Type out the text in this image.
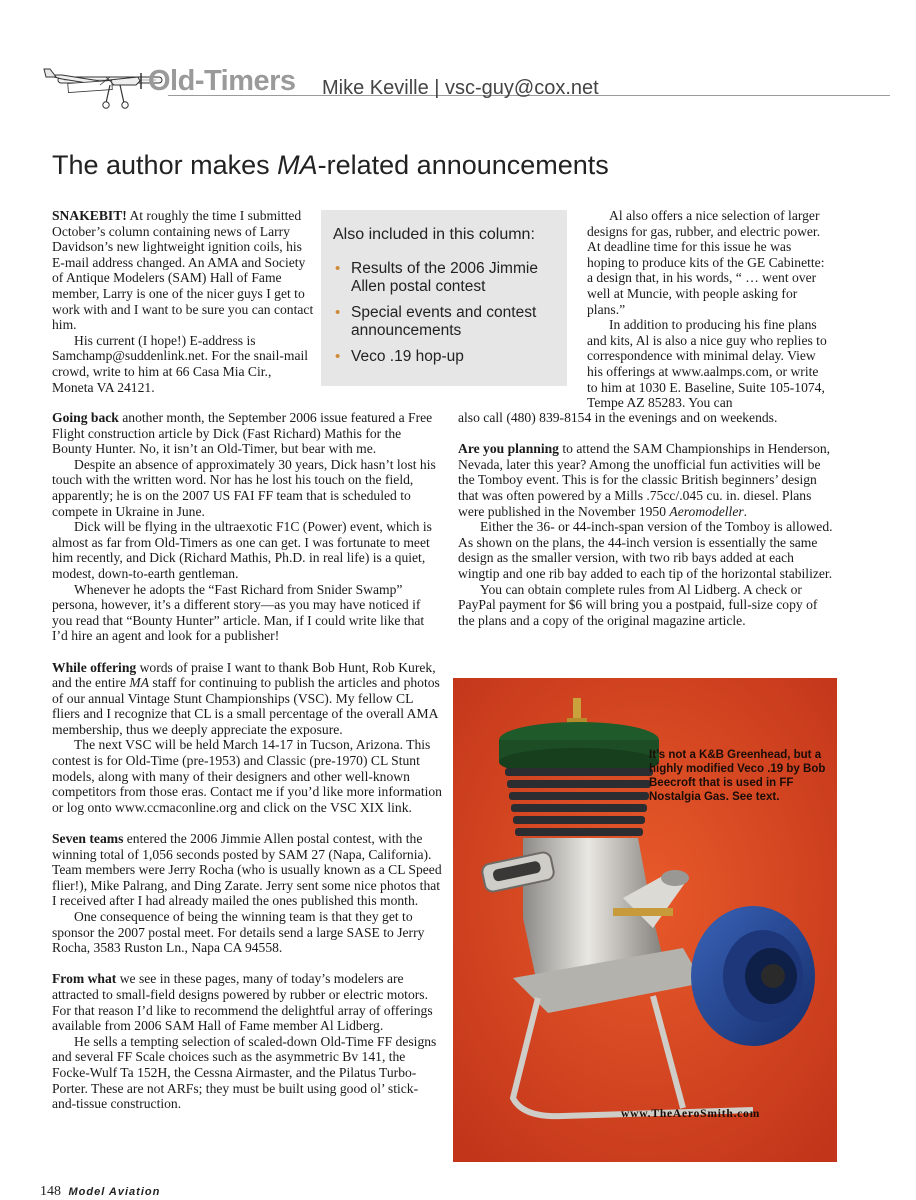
Old-Timers Mike Keville | vsc-guy@cox.net
The author makes MA-related announcements

SNAKEBIT! At roughly the time I submitted October’s column containing news of Larry Davidson’s new lightweight ignition coils, his E-mail address changed. An AMA and Society of Antique Modelers (SAM) Hall of Fame member, Larry is one of the nicer guys I get to work with and I want to be sure you can contact him.

His current (I hope!) E-address is Samchamp@suddenlink.net. For the snail-mail crowd, write to him at 66 Casa Mia Cir., Moneta VA 24121.

Also included in this column:
• Results of the 2006 Jimmie Allen postal contest
• Special events and contest announcements
• Veco .19 hop-up

Al also offers a nice selection of larger designs for gas, rubber, and electric power. At deadline time for this issue he was hoping to produce kits of the GE Cabinette: a design that, in his words, “ … went over well at Muncie, with people asking for plans.”

In addition to producing his fine plans and kits, Al is also a nice guy who replies to correspondence with minimal delay. View his offerings at www.aalmps.com, or write to him at 1030 E. Baseline, Suite 105-1074, Tempe AZ 85283. You can

Going back another month, the September 2006 issue featured a Free Flight construction article by Dick (Fast Richard) Mathis for the Bounty Hunter. No, it isn’t an Old-Timer, but bear with me.

Despite an absence of approximately 30 years, Dick hasn’t lost his touch with the written word. Nor has he lost his touch on the field, apparently; he is on the 2007 US FAI FF team that is scheduled to compete in Ukraine in June.

Dick will be flying in the ultraexotic F1C (Power) event, which is almost as far from Old-Timers as one can get. I was fortunate to meet him recently, and Dick (Richard Mathis, Ph.D. in real life) is a quiet, modest, down-to-earth gentleman.

Whenever he adopts the “Fast Richard from Snider Swamp” persona, however, it’s a different story—as you may have noticed if you read that “Bounty Hunter” article. Man, if I could write like that I’d hire an agent and look for a publisher!

While offering words of praise I want to thank Bob Hunt, Rob Kurek, and the entire MA staff for continuing to publish the articles and photos of our annual Vintage Stunt Championships (VSC). My fellow CL fliers and I recognize that CL is a small percentage of the overall AMA membership, thus we deeply appreciate the exposure.

The next VSC will be held March 14-17 in Tucson, Arizona. This contest is for Old-Time (pre-1953) and Classic (pre-1970) CL Stunt models, along with many of their designers and other well-known competitors from those eras. Contact me if you’d like more information or log onto www.ccmaconline.org and click on the VSC XIX link.

Seven teams entered the 2006 Jimmie Allen postal contest, with the winning total of 1,056 seconds posted by SAM 27 (Napa, California). Team members were Jerry Rocha (who is usually known as a CL Speed flier!), Mike Palrang, and Ding Zarate. Jerry sent some nice photos that I received after I had already mailed the ones published this month.

One consequence of being the winning team is that they get to sponsor the 2007 postal meet. For details send a large SASE to Jerry Rocha, 3583 Ruston Ln., Napa CA 94558.

From what we see in these pages, many of today’s modelers are attracted to small-field designs powered by rubber or electric motors. For that reason I’d like to recommend the delightful array of offerings available from 2006 SAM Hall of Fame member Al Lidberg.

He sells a tempting selection of scaled-down Old-Time FF designs and several FF Scale choices such as the asymmetric Bv 141, the Focke-Wulf Ta 152H, the Cessna Airmaster, and the Pilatus Turbo-Porter. These are not ARFs; they must be built using good ol’ stick-and-tissue construction.

also call (480) 839-8154 in the evenings and on weekends.

Are you planning to attend the SAM Championships in Henderson, Nevada, later this year? Among the unofficial fun activities will be the Tomboy event. This is for the classic British beginners’ design that was often powered by a Mills .75cc/.045 cu. in. diesel. Plans were published in the November 1950 Aeromodeller.

Either the 36- or 44-inch-span version of the Tomboy is allowed. As shown on the plans, the 44-inch version is essentially the same design as the smaller version, with two rib bays added at each wingtip and one rib bay added to each tip of the horizontal stabilizer.

You can obtain complete rules from Al Lidberg. A check or PayPal payment for $6 will bring you a postpaid, full-size copy of the plans and a copy of the original magazine article.

It’s not a K&B Greenhead, but a highly modified Veco .19 by Bob Beecroft that is used in FF Nostalgia Gas. See text.
www.TheAeroSmith.com
148 Model Aviation
